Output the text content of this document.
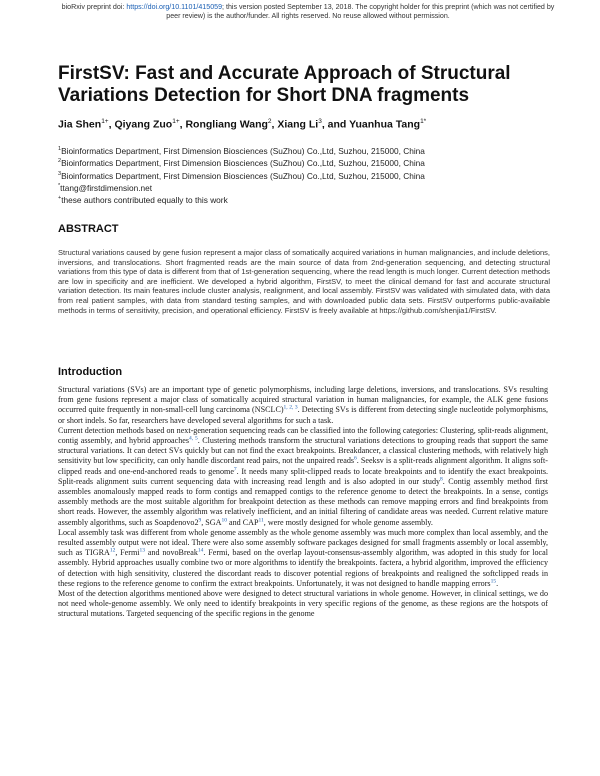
bioRxiv preprint doi: https://doi.org/10.1101/415059; this version posted September 13, 2018. The copyright holder for this preprint (which was not certified by peer review) is the author/funder. All rights reserved. No reuse allowed without permission.
FirstSV: Fast and Accurate Approach of Structural Variations Detection for Short DNA fragments
Jia Shen$^{1+}$, Qiyang Zuo$^{1+}$, Rongliang Wang$^2$, Xiang Li$^3$, and Yuanhua Tang$^{1*}$
$^1$Bioinformatics Department, First Dimension Biosciences (SuZhou) Co.,Ltd, Suzhou, 215000, China
$^2$Bioinformatics Department, First Dimension Biosciences (SuZhou) Co.,Ltd, Suzhou, 215000, China
$^3$Bioinformatics Department, First Dimension Biosciences (SuZhou) Co.,Ltd, Suzhou, 215000, China
*ttang@firstdimension.net
+these authors contributed equally to this work
ABSTRACT
Structural variations caused by gene fusion represent a major class of somatically acquired variations in human malignancies, and include deletions, inversions, and translocations. Short fragmented reads are the main source of data from 2nd-generation sequencing, and detecting structural variations from this type of data is different from that of 1st-generation sequencing, where the read length is much longer. Current detection methods are low in specificity and are inefficient. We developed a hybrid algorithm, FirstSV, to meet the clinical demand for fast and accurate structural variation detection. Its main features include cluster analysis, realignment, and local assembly. FirstSV was validated with simulated data, with data from real patient samples, with data from standard testing samples, and with downloaded public data sets. FirstSV outperforms public-available methods in terms of sensitivity, precision, and operational efficiency. FirstSV is freely available at https://github.com/shenjia1/FirstSV.
Introduction

Structural variations (SVs) are an important type of genetic polymorphisms, including large deletions, inversions, and translocations. SVs resulting from gene fusions represent a major class of somatically acquired structural variation in human malignancies, for example, the ALK gene fusions occurred quite frequently in non-small-cell lung carcinoma (NSCLC)$^{1, 2, 3}$. Detecting SVs is different from detecting single nucleotide polymorphisms, or short indels. So far, researchers have developed several algorithms for such a task.

Current detection methods based on next-generation sequencing reads can be classified into the following categories: Clustering, split-reads alignment, contig assembly, and hybrid approaches$^{4, 5}$. Clustering methods transform the structural variations detections to grouping reads that support the same structural variations. It can detect SVs quickly but can not find the exact breakpoints. Breakdancer, a classical clustering methods, with relatively high sensitivity but low specificity, can only handle discordant read pairs, not the unpaired reads$^6$. Seeksv is a split-reads alignment algorithm. It aligns soft-clipped reads and one-end-anchored reads to genome$^7$. It needs many split-clipped reads to locate breakpoints and to identify the exact breakpoints. Split-reads alignment suits current sequencing data with increasing read length and is also adopted in our study$^8$. Contig assembly method first assembles anomalously mapped reads to form contigs and remapped contigs to the reference genome to detect the breakpoints. In a sense, contigs assembly methods are the most suitable algorithm for breakpoint detection as these methods can remove mapping errors and find breakpoints from short reads. However, the assembly algorithm was relatively inefficient, and an initial filtering of candidate areas was needed. Current relative mature assembly algorithms, such as Soapdenovo2$^9$, SGA$^{10}$ and CAP$^{11}$, were mostly designed for whole genome assembly.

Local assembly task was different from whole genome assembly as the whole genome assembly was much more complex than local assembly, and the resulted assembly output were not ideal. There were also some assembly software packages designed for small fragments assembly or local assembly, such as TIGRA$^{12}$, Fermi$^{13}$ and novoBreak$^{14}$. Fermi, based on the overlap layout-consensus-assembly algorithm, was adopted in this study for local assembly. Hybrid approaches usually combine two or more algorithms to identify the breakpoints. factera, a hybrid algorithm, improved the efficiency of detection with high sensitivity, clustered the discordant reads to discover potential regions of breakpoints and realigned the softclipped reads in these regions to the reference genome to confirm the extract breakpoints. Unfortunately, it was not designed to handle mapping errors$^{15}$.

Most of the detection algorithms mentioned above were designed to detect structural variations in whole genome. However, in clinical settings, we do not need whole-genome assembly. We only need to identify breakpoints in very specific regions of the genome, as these regions are the hotspots of structural mutations. Targeted sequencing of the specific regions in the genome
